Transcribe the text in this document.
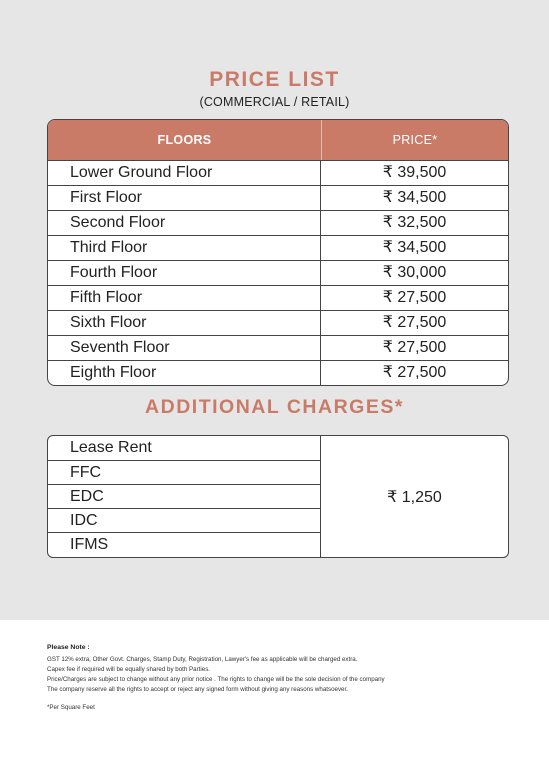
PRICE LIST
(COMMERCIAL / RETAIL)
FLOORS	PRICE*
Lower Ground Floor	₹ 39,500
First Floor	₹ 34,500
Second Floor	₹ 32,500
Third Floor	₹ 34,500
Fourth Floor	₹ 30,000
Fifth Floor	₹ 27,500
Sixth Floor	₹ 27,500
Seventh Floor	₹ 27,500
Eighth Floor	₹ 27,500
ADDITIONAL CHARGES*
Lease Rent
FFC
EDC
IDC
IFMS
₹ 1,250
Please Note :
GST 12% extra, Other Govt. Charges, Stamp Duty, Registration, Lawyer's fee as applicable will be charged extra.
Capex fee if required will be equally shared by both Parties.
Price/Charges are subject to change without any prior notice . The rights to change will be the sole decision of the company
The company reserve all the rights to accept or reject any signed form without giving any reasons whatsoever.
*Per Square Feet
